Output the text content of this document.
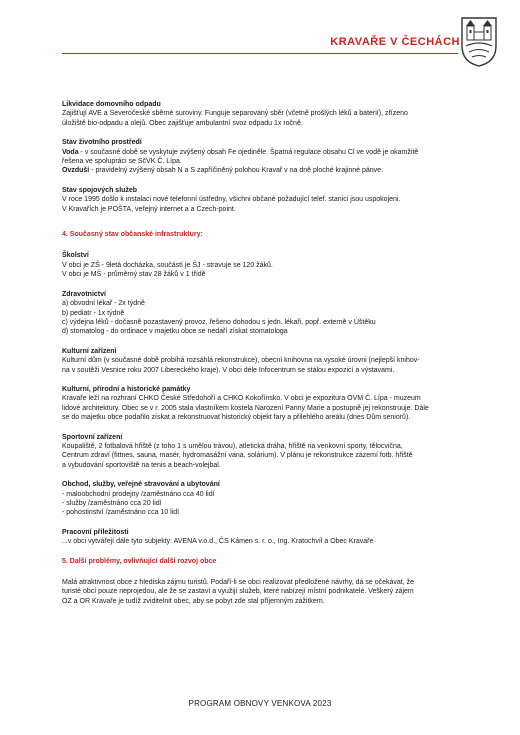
KRAVAŘE V ČECHÁCH

Likvidace domovního odpadu

Zajišťují AVE a Severočeské sběrné suroviny. Funguje separovaný sběr (včetně prošlých léků a baterií), zřízeno

úložiště bio-odpadu a olejů. Obec zajišťuje ambulantní svoz odpadu 1x ročně.

Stav životního prostředí

Voda - v současné době se vyskytuje zvýšený obsah Fe ojediněle. Špatná regulace obsahu Cl ve vodě je okamžitě

řešena ve spolupráci se SčVK Č. Lípa.

Ovzduší - pravidelný zvýšený obsah N a S zapříčiněný polohou Kravař v na dně ploché krajinné pánve.

Stav spojových služeb

V roce 1995 došlo k instalaci nové telefonní ústředny, všichni občané požadující telef. stanici jsou uspokojeni.

V Kravařích je POŠTA, veřejný internet a a Czech-point.

4. Současný stav občanské infrastruktury:

Školství

V obci je ZŠ - 9letá docházka, součástí je ŠJ - stravuje se 120 žáků.

V obci je MŠ - průměrný stav 28 žáků v 1 třídě

Zdravotnictví

a) obvodní lékař - 2x týdně

b) pediatr - 1x týdně

c) výdejna léků - dočasně pozastavený provoz, řešeno dohodou s jedn. lékaři, popř. externě v Úštěku

d) stomatolog - do ordinace v majetku obce se nedaří získat stomatologa

Kulturní zařízení

Kulturní dům (v současné době probíhá rozsáhlá rekonstrukce), obecní knihovna na vysoké úrovni (nejlepší knihov-

na v soutěži Vesnice roku 2007 Libereckého kraje). V obci déle Infocentrum se stálou expozicí a výstavami.

Kulturní, přírodní a historické památky

Kravaře leží na rozhraní CHKO České Středohoří a CHKO Kokořínsko. V obci je expozitura OVM Č. Lípa - muzeum

lidové architektury. Obec se v r. 2005 stala vlastníkem kostela Narození Panny Marie a postupně jej rekonstruuje. Dále

se do majetku obce podařilo získat a rekonstruovat historický objekt fary a přilehlého areálu (dnes Dům seniorů).

Sportovní zařízení

Koupaliště, 2 fotbalová hřiště (z toho 1 s umělou trávou), atletická dráha, hřiště na venkovní sporty, tělocvična,

Centrum zdraví (fittnes, sauna, masér, hydromasážní vana, solárium). V plánu je rekonstrukce zázemí fotb. hřiště

a vybudování sportoviště na tenis a beach-volejbal.

Obchod, služby, veřejné stravování a ubytování

- maloobchodní prodejny /zaměstnáno cca 40 lidí

- služby /zaměstnáno cca 20 lidí

- pohostinství /zaměstnáno cca 10 lidí

Pracovní příležitosti

...v obci vytvářejí dále tyto subjekty: AVENA v.o.d., ČS Kámen s. r. o., Ing. Kratochvíl a Obec Kravaře

5. Další problémy, ovlivňující další rozvoj obce

Malá atraktivnost obce z hlediska zájmu turistů. Podaří-li se obci realizovat předložené návrhy, dá se očekávat, že

turisté obcí pouze neprojedou, ale že se zastaví a využijí služeb, které nabízejí místní podnikatelé. Veškerý zájem

OZ a OR Kravaře je tudíž zviditelnit obec, aby se pobyt zde stal příjemným zážitkem.

PROGRAM OBNOVY VENKOVA 2023
